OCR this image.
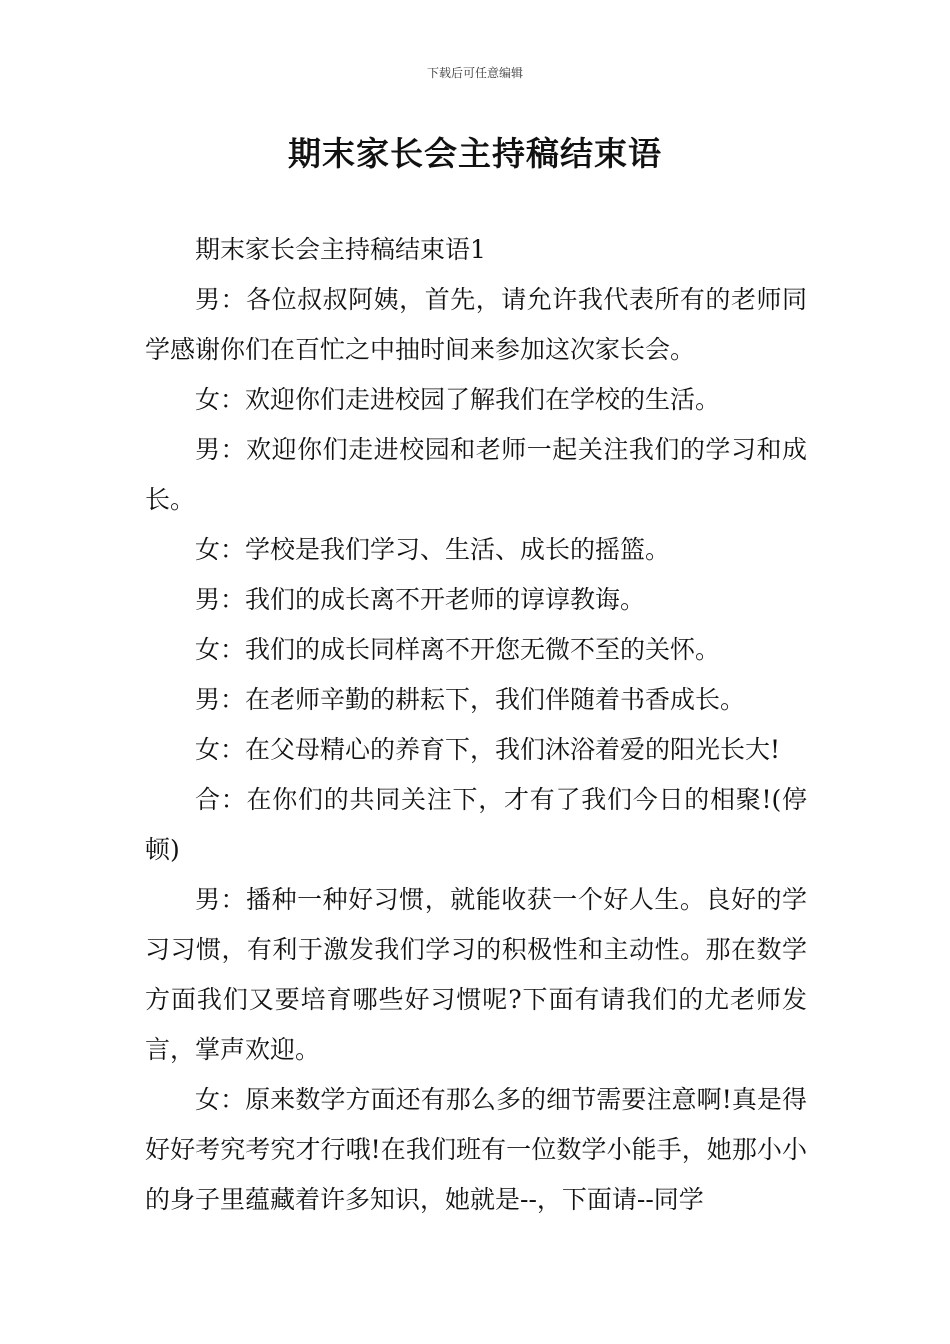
下载后可任意编辑
期末家长会主持稿结束语

期末家长会主持稿结束语1

男：各位叔叔阿姨，首先，请允许我代表所有的老师同学感谢你们在百忙之中抽时间来参加这次家长会。

女：欢迎你们走进校园了解我们在学校的生活。

男：欢迎你们走进校园和老师一起关注我们的学习和成长。

女：学校是我们学习、生活、成长的摇篮。

男：我们的成长离不开老师的谆谆教诲。

女：我们的成长同样离不开您无微不至的关怀。

男：在老师辛勤的耕耘下，我们伴随着书香成长。

女：在父母精心的养育下，我们沐浴着爱的阳光长大!

合：在你们的共同关注下，才有了我们今日的相聚!(停顿)

男：播种一种好习惯，就能收获一个好人生。良好的学习习惯，有利于激发我们学习的积极性和主动性。那在数学方面我们又要培育哪些好习惯呢?下面有请我们的尤老师发言，掌声欢迎。

女：原来数学方面还有那么多的细节需要注意啊!真是得好好考究考究才行哦!在我们班有一位数学小能手，她那小小的身子里蕴藏着许多知识，她就是--，下面请--同学
